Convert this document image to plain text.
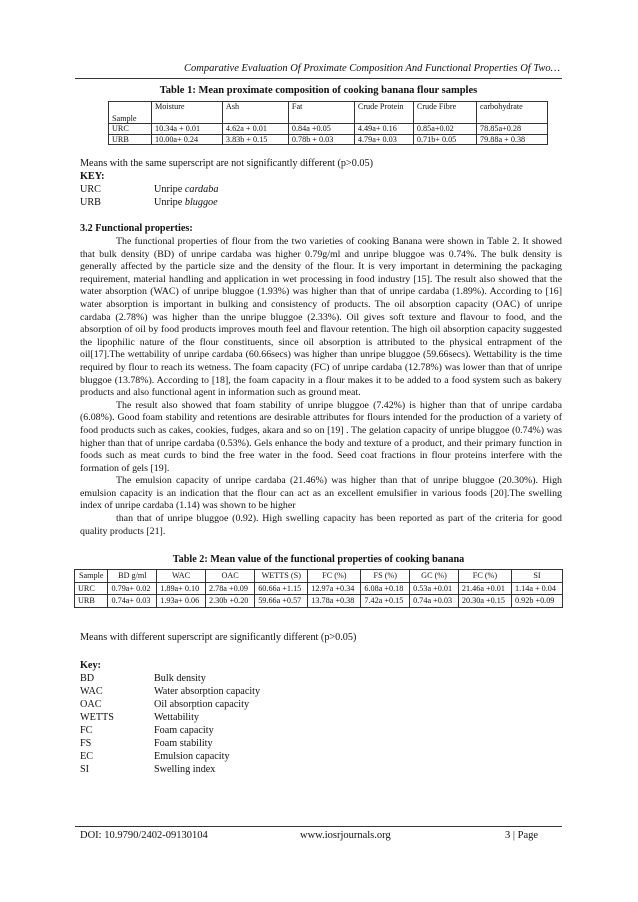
Comparative Evaluation Of Proximate Composition And Functional Properties Of Two…
Table 1: Mean proximate composition of cooking banana flour samples
Sample	Moisture	Ash	Fat	Crude Protein	Crude Fibre	carbohydrate
URC	10.34a + 0.01	4.62a + 0.01	0.84a +0.05	4.49a+ 0.16	0.85a+0.02	78.85a+0.28
URB	10.00a+ 0.24	3.83b + 0.15	0.78b + 0.03	4.79a+ 0.03	0.71b+ 0.05	79.88a + 0.38
Means with the same superscript are not significantly different (p>0.05)
KEY:
URC	Unripe cardaba
URB	Unripe bluggoe
3.2 Functional properties:

The functional properties of flour from the two varieties of cooking Banana were shown in Table 2. It showed that bulk density (BD) of unripe cardaba was higher 0.79g/ml and unripe bluggoe was 0.74%. The bulk density is generally affected by the particle size and the density of the flour. It is very important in determining the packaging requirement, material handling and application in wet processing in food industry [15]. The result also showed that the water absorption (WAC) of unripe bluggoe (1.93%) was higher than that of unripe cardaba (1.89%). According to [16] water absorption is important in bulking and consistency of products. The oil absorption capacity (OAC) of unripe cardaba (2.78%) was higher than the unripe bluggoe (2.33%). Oil gives soft texture and flavour to food, and the absorption of oil by food products improves mouth feel and flavour retention. The high oil absorption capacity suggested the lipophilic nature of the flour constituents, since oil absorption is attributed to the physical entrapment of the oil[17].The wettability of unripe cardaba (60.66secs) was higher than unripe bluggoe (59.66secs). Wettability is the time required by flour to reach its wetness. The foam capacity (FC) of unripe cardaba (12.78%) was lower than that of unripe bluggoe (13.78%). According to [18], the foam capacity in a flour makes it to be added to a food system such as bakery products and also functional agent in information such as ground meat.

The result also showed that foam stability of unripe bluggoe (7.42%) is higher than that of unripe cardaba (6.08%). Good foam stability and retentions are desirable attributes for flours intended for the production of a variety of food products such as cakes, cookies, fudges, akara and so on [19] . The gelation capacity of unripe bluggoe (0.74%) was higher than that of unripe cardaba (0.53%). Gels enhance the body and texture of a product, and their primary function in foods such as meat curds to bind the free water in the food. Seed coat fractions in flour proteins interfere with the formation of gels [19].

The emulsion capacity of unripe cardaba (21.46%) was higher than that of unripe bluggoe (20.30%). High emulsion capacity is an indication that the flour can act as an excellent emulsifier in various foods [20].The swelling index of unripe cardaba (1.14) was shown to be higher

than that of unripe bluggoe (0.92). High swelling capacity has been reported as part of the criteria for good quality products [21].

Table 2: Mean value of the functional properties of cooking banana
Sample	BD g/ml	WAC	OAC	WETTS (S)	FC (%)	FS (%)	GC (%)	FC (%)	SI
URC	0.79a+ 0.02	1.89a+ 0.10	2.78a +0.09	60.66a +1.15	12.97a +0.34	6.08a +0.18	0.53a +0.01	21.46a +0.01	1.14a + 0.04
URB	0.74a+ 0.03	1.93a+ 0.06	2.30b +0.20	59.66a +0.57	13.78a +0.38	7.42a +0.15	0.74a +0.03	20.30a +0.15	0.92b +0.09
Means with different superscript are significantly different (p>0.05)
Key:
BD	Bulk density
WAC	Water absorption capacity
OAC	Oil absorption capacity
WETTS	Wettability
FC	Foam capacity
FS	Foam stability
EC	Emulsion capacity
SI	Swelling index
DOI: 10.9790/2402-09130104	www.iosrjournals.org	3 | Page
